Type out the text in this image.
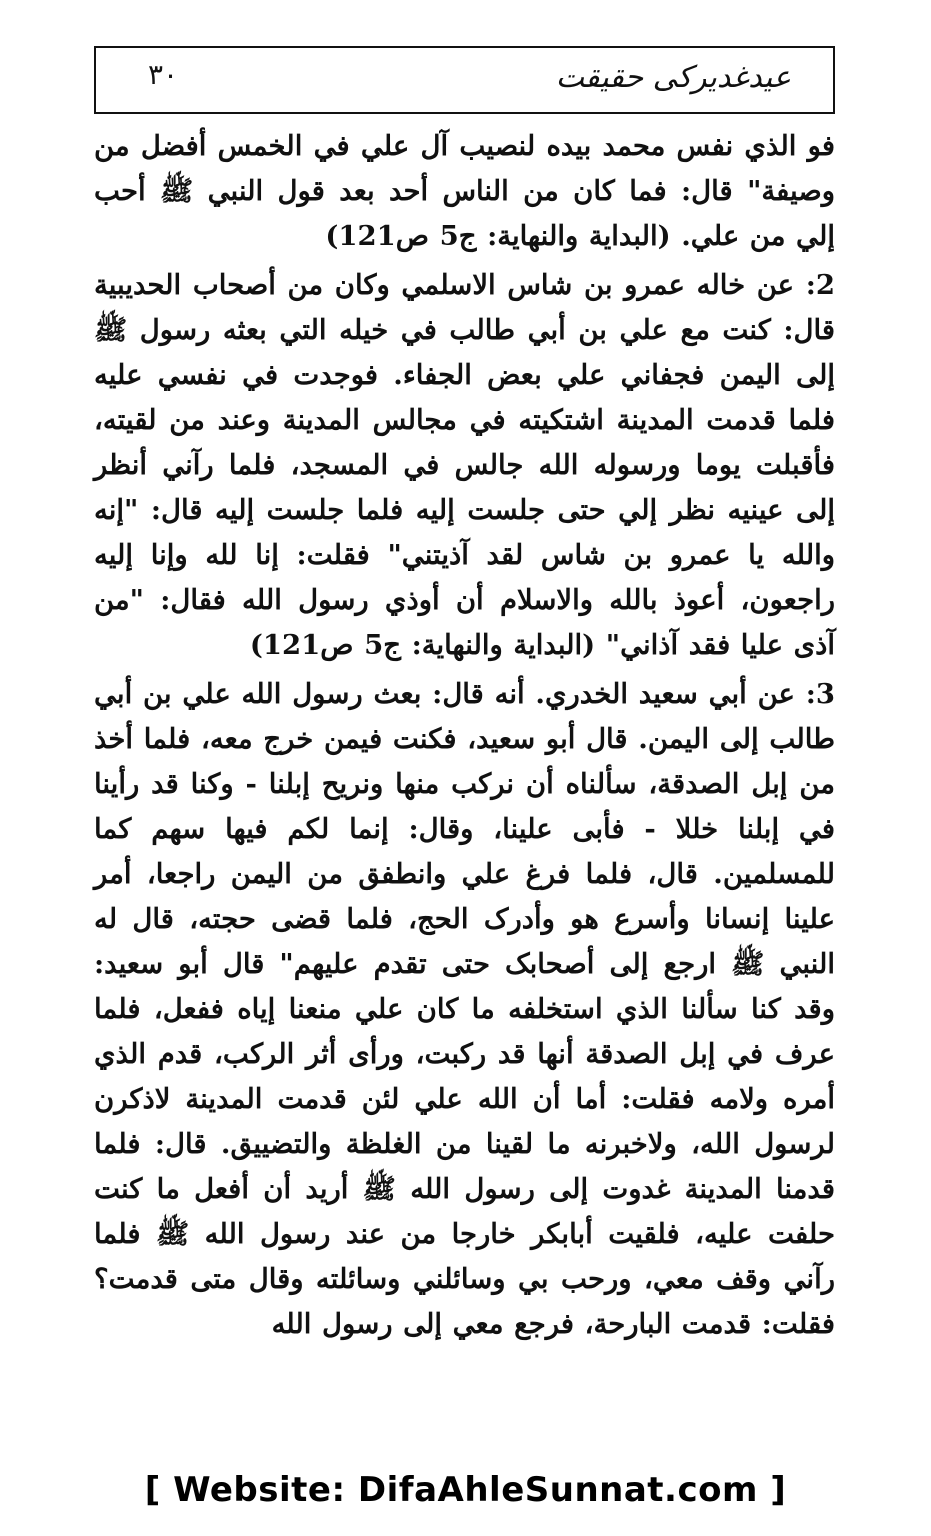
٣٠	عیدغدیرکی حقیقت

فو الذي نفس محمد بيده لنصيب آل علي في الخمس أفضل من وصيفة" قال: فما كان من الناس أحد بعد قول النبي ﷺ أحب إلي من علي. (البداية والنهاية: ج5 ص121)

2: عن خاله عمرو بن شاس الاسلمي وكان من أصحاب الحديبية قال: كنت مع علي بن أبي طالب في خيله التي بعثه رسول ﷺ إلى اليمن فجفاني علي بعض الجفاء. فوجدت في نفسي عليه فلما قدمت المدينة اشتكيته في مجالس المدينة وعند من لقيته، فأقبلت يوما ورسوله الله جالس في المسجد، فلما رآني أنظر إلى عينيه نظر إلي حتى جلست إليه فلما جلست إليه قال: "إنه والله يا عمرو بن شاس لقد آذيتني" فقلت: إنا لله وإنا إليه راجعون، أعوذ بالله والاسلام أن أوذي رسول الله فقال: "من آذى عليا فقد آذاني" (البداية والنهاية: ج5 ص121)

3: عن أبي سعيد الخدري. أنه قال: بعث رسول الله علي بن أبي طالب إلى اليمن. قال أبو سعيد، فكنت فيمن خرج معه، فلما أخذ من إبل الصدقة، سألناه أن نركب منها ونريح إبلنا - وكنا قد رأينا في إبلنا خللا - فأبى علينا، وقال: إنما لكم فيها سهم كما للمسلمين. قال، فلما فرغ علي وانطفق من اليمن راجعا، أمر علينا إنسانا وأسرع هو وأدرک الحج، فلما قضى حجته، قال له النبي ﷺ ارجع إلى أصحابک حتى تقدم عليهم" قال أبو سعيد: وقد كنا سألنا الذي استخلفه ما كان علي منعنا إياه ففعل، فلما عرف في إبل الصدقة أنها قد ركبت، ورأى أثر الركب، قدم الذي أمره ولامه فقلت: أما أن الله علي لئن قدمت المدينة لاذكرن لرسول الله، ولاخبرنه ما لقينا من الغلظة والتضييق. قال: فلما قدمنا المدينة غدوت إلى رسول الله ﷺ أريد أن أفعل ما كنت حلفت عليه، فلقيت أبابكر خارجا من عند رسول الله ﷺ فلما رآني وقف معي، ورحب بي وسائلني وسائلته وقال متى قدمت؟ فقلت: قدمت البارحة، فرجع معي إلى رسول الله

[ Website: DifaAhleSunnat.com ]
